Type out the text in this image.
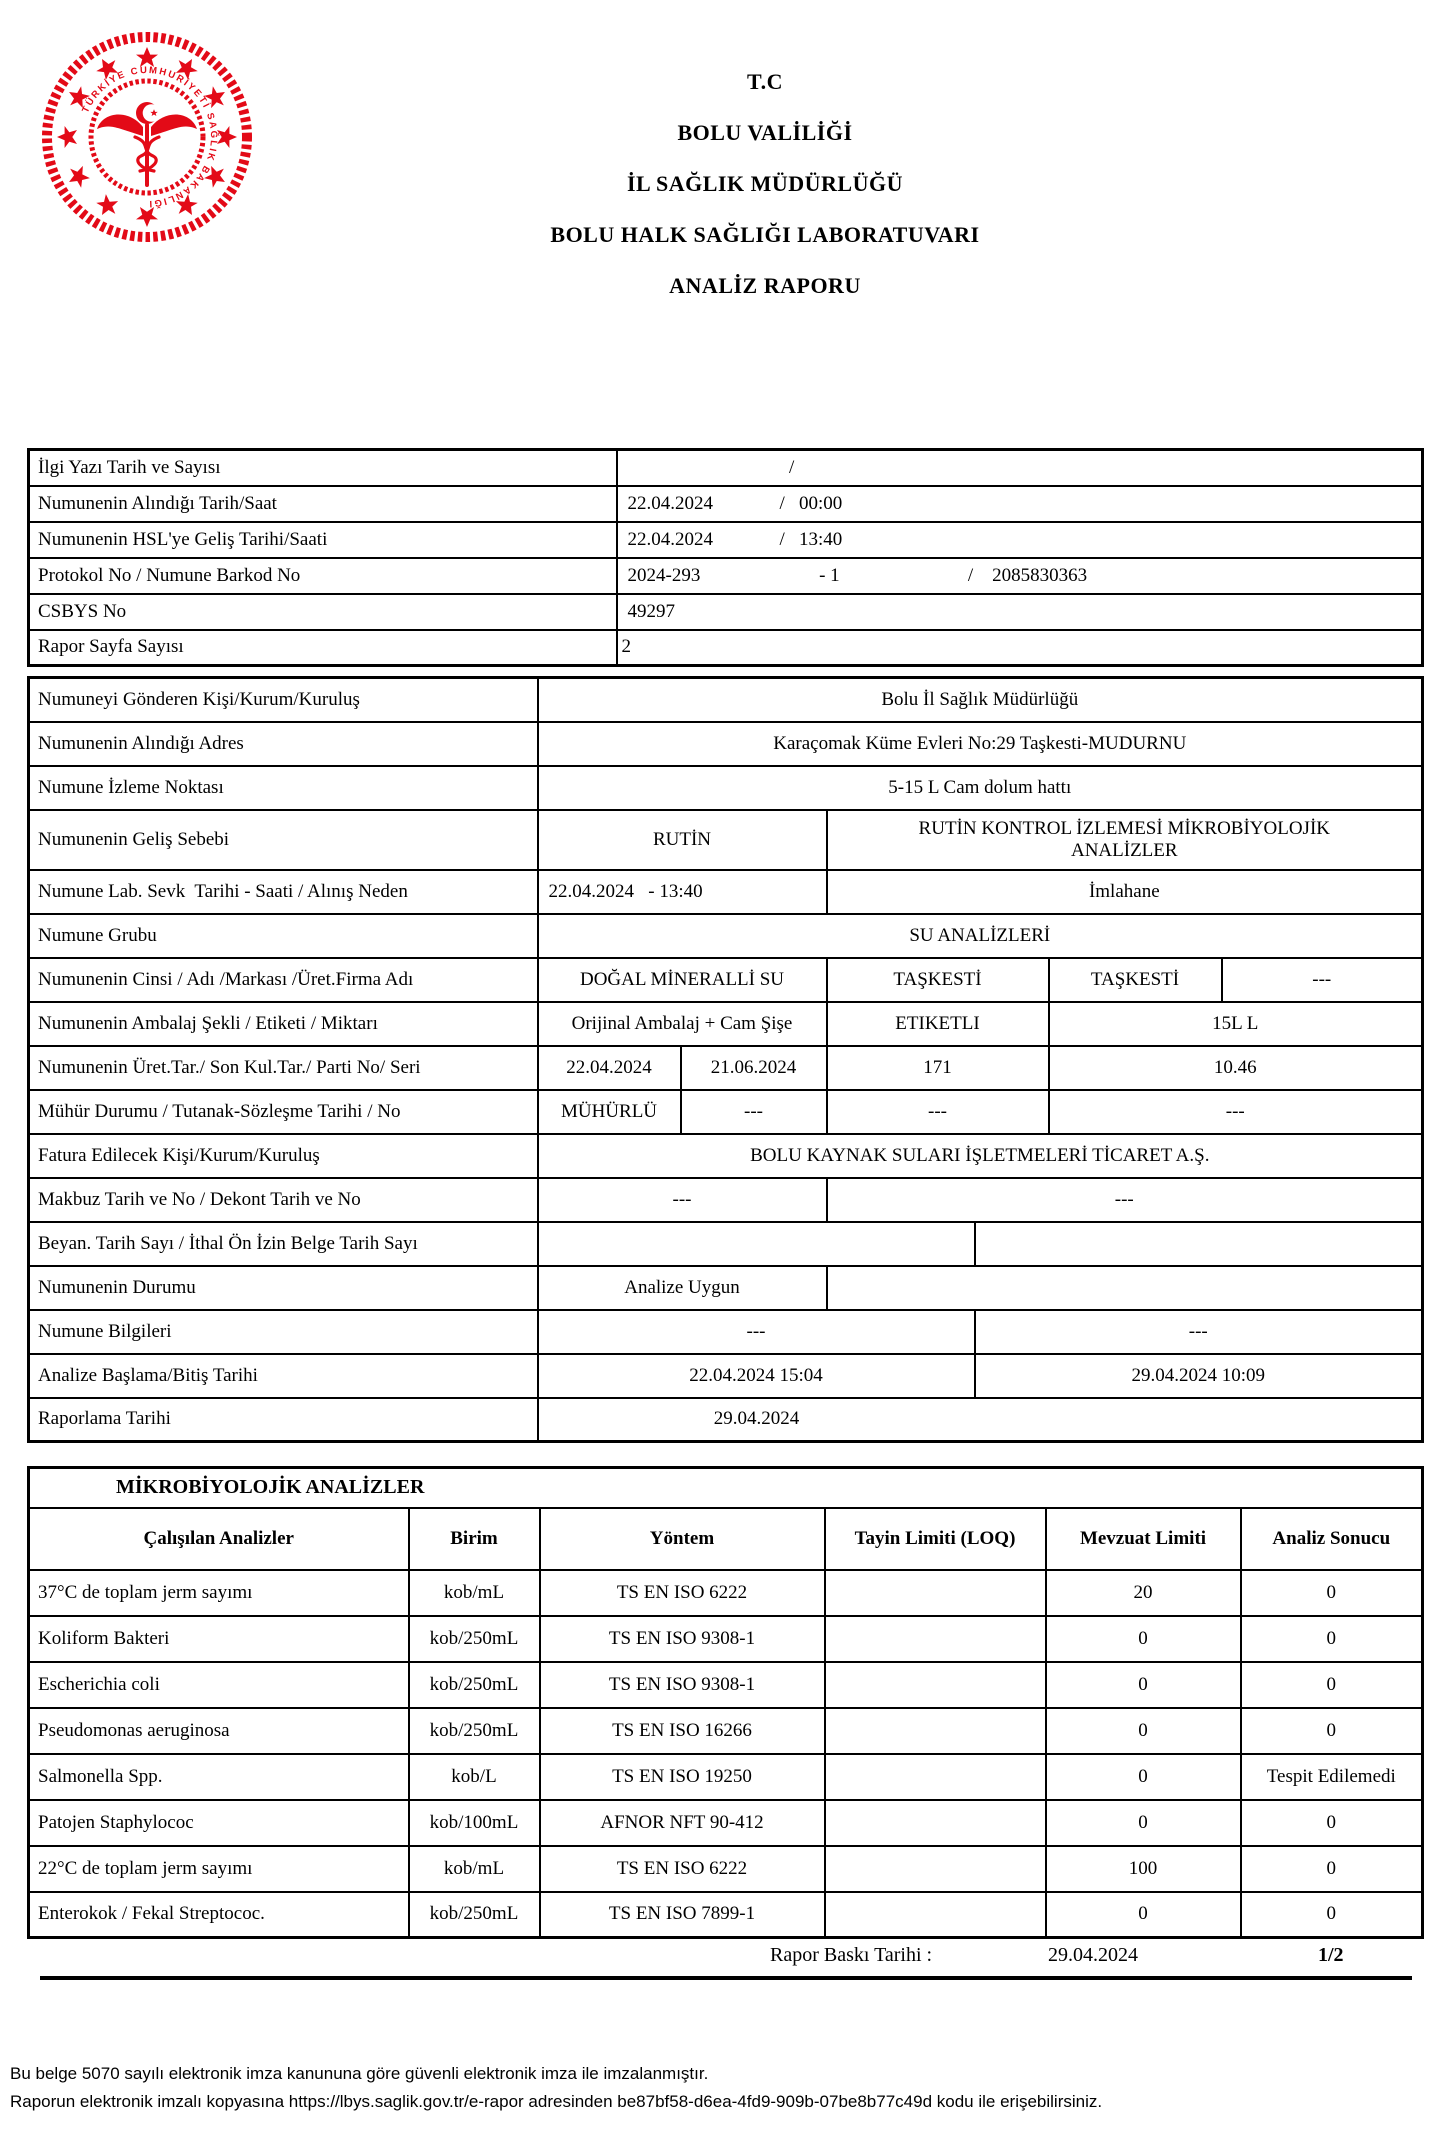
TÜRKİYE CUMHURİYETİ SAĞLIK BAKANLIĞI
T.C
BOLU VALİLİĞİ
İL SAĞLIK MÜDÜRLÜĞÜ
BOLU HALK SAĞLIĞI LABORATUVARI
ANALİZ RAPORU
İlgi Yazı Tarih ve Sayısı	/
Numunenin Alındığı Tarih/Saat	22.04.2024              /   00:00
Numunenin HSL'ye Geliş Tarihi/Saati	22.04.2024              /   13:40
Protokol No / Numune Barkod No	2024-293                         - 1                           /    2085830363
CSBYS No	49297
Rapor Sayfa Sayısı	2
Numuneyi Gönderen Kişi/Kurum/Kuruluş	Bolu İl Sağlık Müdürlüğü					
Numunenin Alındığı Adres	Karaçomak Küme Evleri No:29 Taşkesti-MUDURNU					
Numune İzleme Noktası	5-15 L Cam dolum hattı					
Numunenin Geliş Sebebi	RUTİN		RUTİN KONTROL İZLEMESİ MİKROBİYOLOJİK ANALİZLER			

Numune Lab. Sevk  Tarihi - Saati / Alınış Neden	22.04.2024   - 13:40		İmlahane			
Numune Grubu	SU ANALİZLERİ					
Numunenin Cinsi / Adı /Markası /Üret.Firma Adı	DOĞAL MİNERALLİ SU		TAŞKESTİ		TAŞKESTİ	---
Numunenin Ambalaj Şekli / Etiketi / Miktarı	Orijinal Ambalaj + Cam Şişe		ETIKETLI		15L L	
Numunenin Üret.Tar./ Son Kul.Tar./ Parti No/ Seri	22.04.2024	21.06.2024	171		10.46	
Mühür Durumu / Tutanak-Sözleşme Tarihi / No	MÜHÜRLÜ	---	---		---	
Fatura Edilecek Kişi/Kurum/Kuruluş	BOLU KAYNAK SULARI İŞLETMELERİ TİCARET A.Ş.					
Makbuz Tarih ve No / Dekont Tarih ve No	---		---			
Beyan. Tarih Sayı / İthal Ön İzin Belge Tarih Sayı						
Numunenin Durumu	Analize Uygun					
Numune Bilgileri	---			---		
Analize Başlama/Bitiş Tarihi	22.04.2024 15:04			29.04.2024 10:09		
Raporlama Tarihi	29.04.2024					
MİKROBİYOLOJİK ANALİZLER					
Çalışılan Analizler	Birim	Yöntem	Tayin Limiti (LOQ)	Mevzuat Limiti	Analiz Sonucu
37°C de toplam jerm sayımı	kob/mL	TS EN ISO 6222		20	0
Koliform Bakteri	kob/250mL	TS EN ISO 9308-1		0	0
Escherichia coli	kob/250mL	TS EN ISO 9308-1		0	0
Pseudomonas aeruginosa	kob/250mL	TS EN ISO 16266		0	0
Salmonella Spp.	kob/L	TS EN ISO 19250		0	Tespit Edilemedi
Patojen Staphylococ	kob/100mL	AFNOR NFT 90-412		0	0
22°C de toplam jerm sayımı	kob/mL	TS EN ISO 6222		100	0
Enterokok / Fekal Streptococ.	kob/250mL	TS EN ISO 7899-1		0	0
Rapor Baskı Tarihi :	29.04.2024	1/2
Bu belge 5070 sayılı elektronik imza kanununa göre güvenli elektronik imza ile imzalanmıştır.
Raporun elektronik imzalı kopyasına https://lbys.saglik.gov.tr/e-rapor adresinden be87bf58-d6ea-4fd9-909b-07be8b77c49d kodu ile erişebilirsiniz.
